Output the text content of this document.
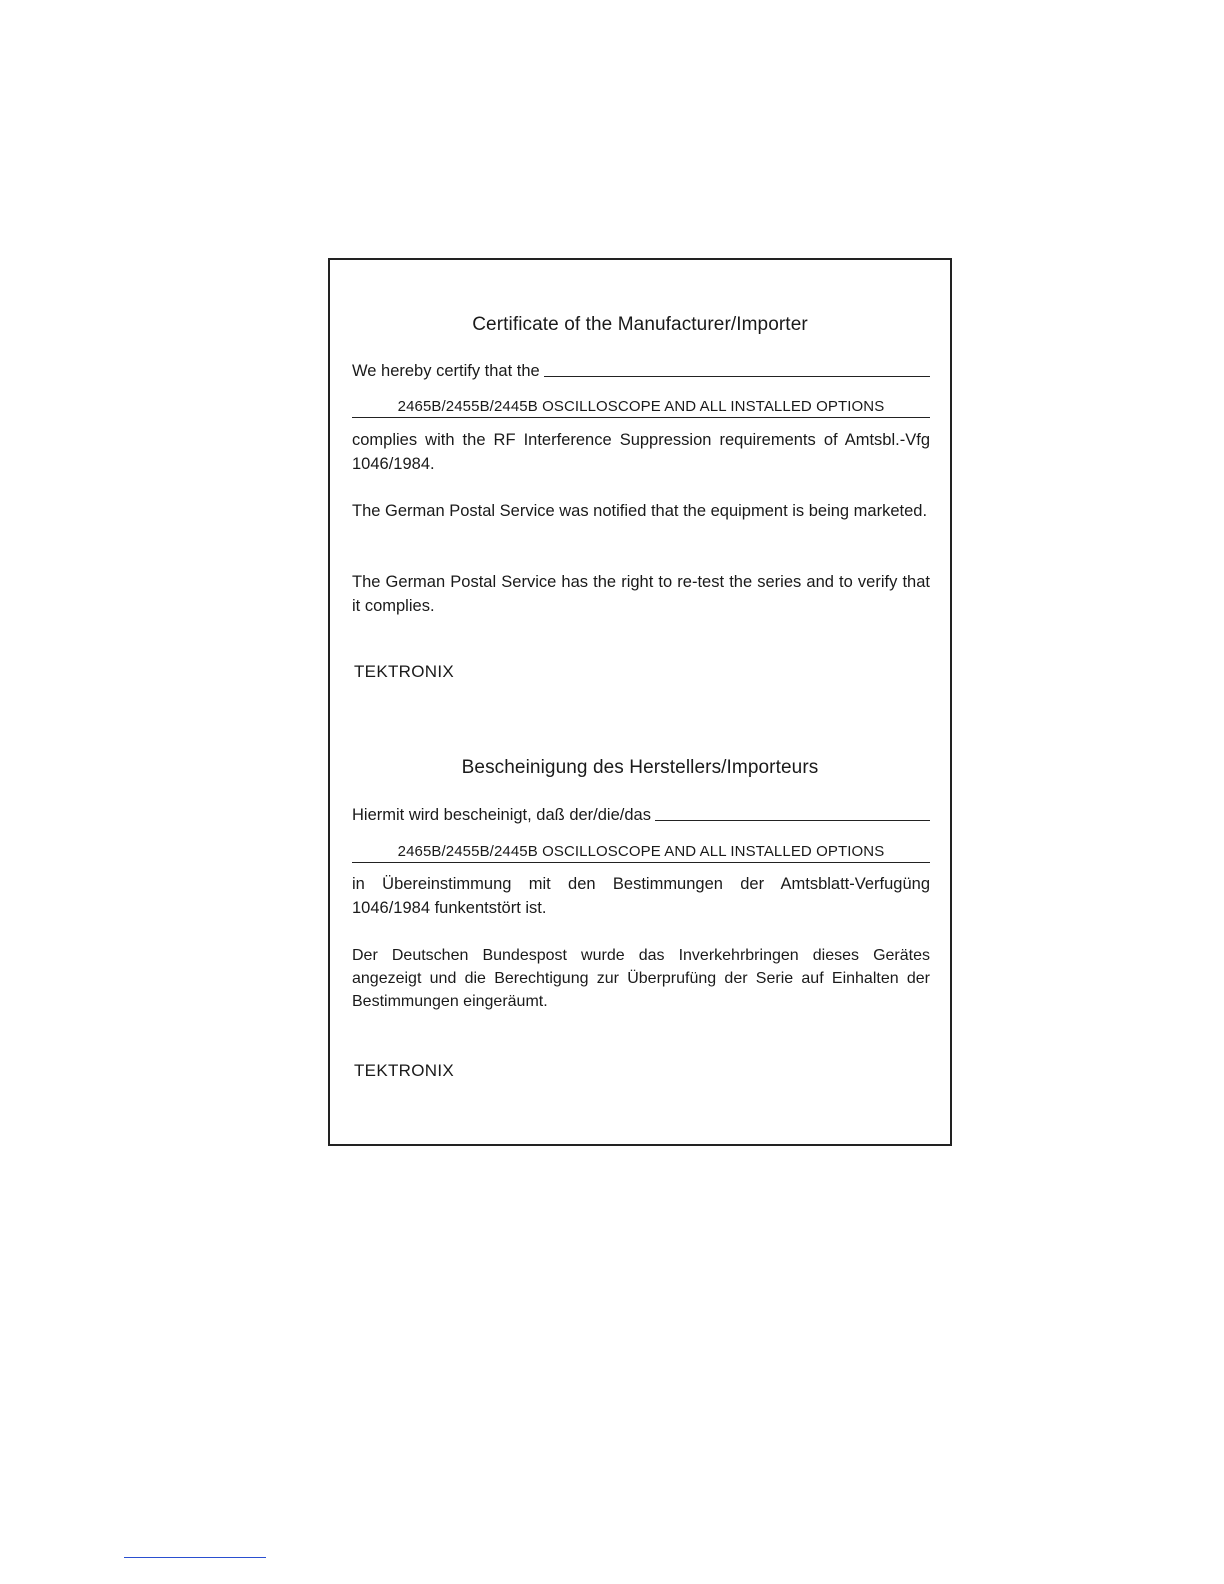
Certificate of the Manufacturer/Importer
We hereby certify that the
2465B/2455B/2445B OSCILLOSCOPE AND ALL INSTALLED OPTIONS

complies with the RF Interference Suppression requirements of Amtsbl.-Vfg 1046/1984.

The German Postal Service was notified that the equipment is being marketed.

The German Postal Service has the right to re-test the series and to verify that it complies.

TEKTRONIX
Bescheinigung des Herstellers/Importeurs
Hiermit wird bescheinigt, daß der/die/das
2465B/2455B/2445B OSCILLOSCOPE AND ALL INSTALLED OPTIONS

in Übereinstimmung mit den Bestimmungen der Amtsblatt-Verfugüng 1046/1984 funkentstört ist.

Der Deutschen Bundespost wurde das Inverkehrbringen dieses Gerätes angezeigt und die Berechtigung zur Überprufüng der Serie auf Einhalten der Bestimmungen eingeräumt.

TEKTRONIX
